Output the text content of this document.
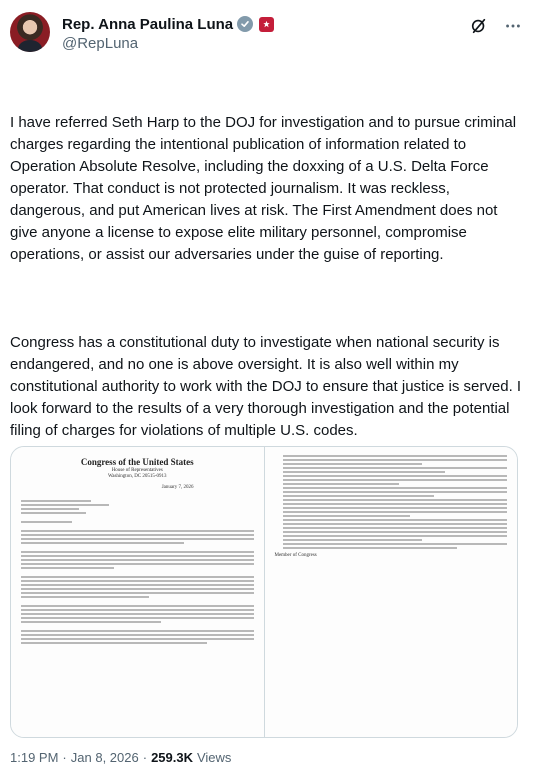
Rep. Anna Paulina Luna
@RepLuna

I have referred Seth Harp to the DOJ for investigation and to pursue criminal charges regarding the intentional publication of information related to Operation Absolute Resolve, including the doxxing of a U.S. Delta Force operator. That conduct is not protected journalism. It was reckless, dangerous, and put American lives at risk. The First Amendment does not give anyone a license to expose elite military personnel, compromise operations, or assist our adversaries under the guise of reporting.

Congress has a constitutional duty to investigate when national security is endangered, and no one is above oversight. It is also well within my constitutional authority to work with the DOJ to ensure that justice is served. I look forward to the results of a very thorough investigation and the potential filing of charges for violations of multiple U.S. codes.

Congress of the United States
House of Representatives
Washington, DC 20515-0913
January 7, 2026
Member of Congress
1:19 PM · Jan 8, 2026 · 259.3K Views
